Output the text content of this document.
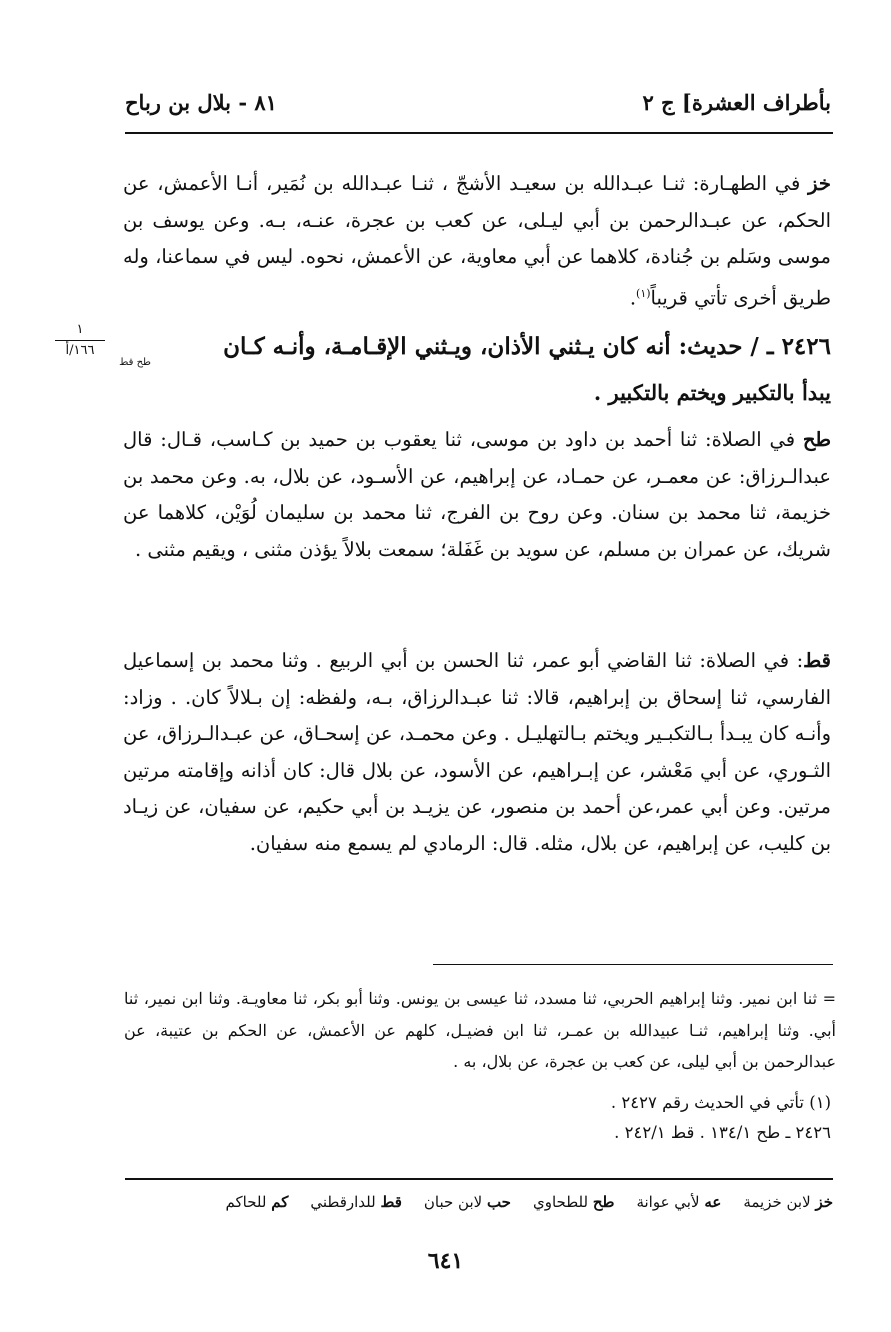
بأطراف العشرة] ج ٢
٨١ - بلال بن رباح
خز في الطهـارة: ثنـا عبـدالله بن سعيـد الأشجّ ، ثنـا عبـدالله بن نُمَير، أنـا الأعمش، عن الحكم، عن عبـدالرحمن بن أبي ليـلى، عن كعب بن عجرة، عنـه، بـه. وعن يوسف بن موسى وسَلم بن جُنادة، كلاهما عن أبي معاوية، عن الأعمش، نحوه. ليس في سماعنا، وله طريق أخرى تأتي قريباً$^{(١)}$.
١
١٦٦/أ	٢٤٢٦ ـ / حديث: أنه كان يـثني الأذان، ويـثني الإقـامـة، وأنـه كـان
طح قط
يبدأ بالتكبير ويختم بالتكبير .
طح في الصلاة: ثنا أحمد بن داود بن موسى، ثنا يعقوب بن حميد بن كـاسب، قـال: قال عبدالـرزاق: عن معمـر، عن حمـاد، عن إبراهيم، عن الأسـود، عن بلال، به. وعن محمد بن خزيمة، ثنا محمد بن سنان. وعن روح بن الفرج، ثنا محمد بن سليمان لُوَيْن، كلاهما عن شريك، عن عمران بن مسلم، عن سويد بن غَفَلة؛ سمعت بلالاً يؤذن مثنى ، ويقيم مثنى .
قط: في الصلاة: ثنا القاضي أبو عمر، ثنا الحسن بن أبي الربيع . وثنا محمد بن إسماعيل الفارسي، ثنا إسحاق بن إبراهيم، قالا: ثنا عبـدالرزاق، بـه، ولفظه: إن بـلالاً كان. . وزاد: وأنـه كان يبـدأ بـالتكبـير ويختم بـالتهليـل . وعن محمـد، عن إسحـاق، عن عبـدالـرزاق، عن الثـوري، عن أبي مَعْشر، عن إبـراهيم، عن الأسود، عن بلال قال: كان أذانه وإقامته مرتين مرتين. وعن أبي عمر،عن أحمد بن منصور، عن يزيـد بن أبي حكيم، عن سفيان، عن زيـاد بن كليب، عن إبراهيم، عن بلال، مثله. قال: الرمادي لم يسمع منه سفيان.
= ثنا ابن نمير. وثنا إبراهيم الحربي، ثنا مسدد، ثنا عيسى بن يونس. وثنا أبو بكر، ثنا معاويـة. وثنا ابن نمير، ثنا أبي. وثنا إبراهيم، ثنـا عبيدالله بن عمـر، ثنا ابن فضيـل، كلهم عن الأعمش، عن الحكم بن عتيبة، عن عبدالرحمن بن أبي ليلى، عن كعب بن عجرة، عن بلال، به .
(١) تأتي في الحديث رقم ٢٤٢٧ .
٢٤٢٦ ـ طح ١٣٤/١ . قط ٢٤٢/١ .
خز لابن خزيمة
عه لأبي عوانة
طح للطحاوي
حب لابن حبان
قط للدارقطني
كم للحاكم
٦٤١
